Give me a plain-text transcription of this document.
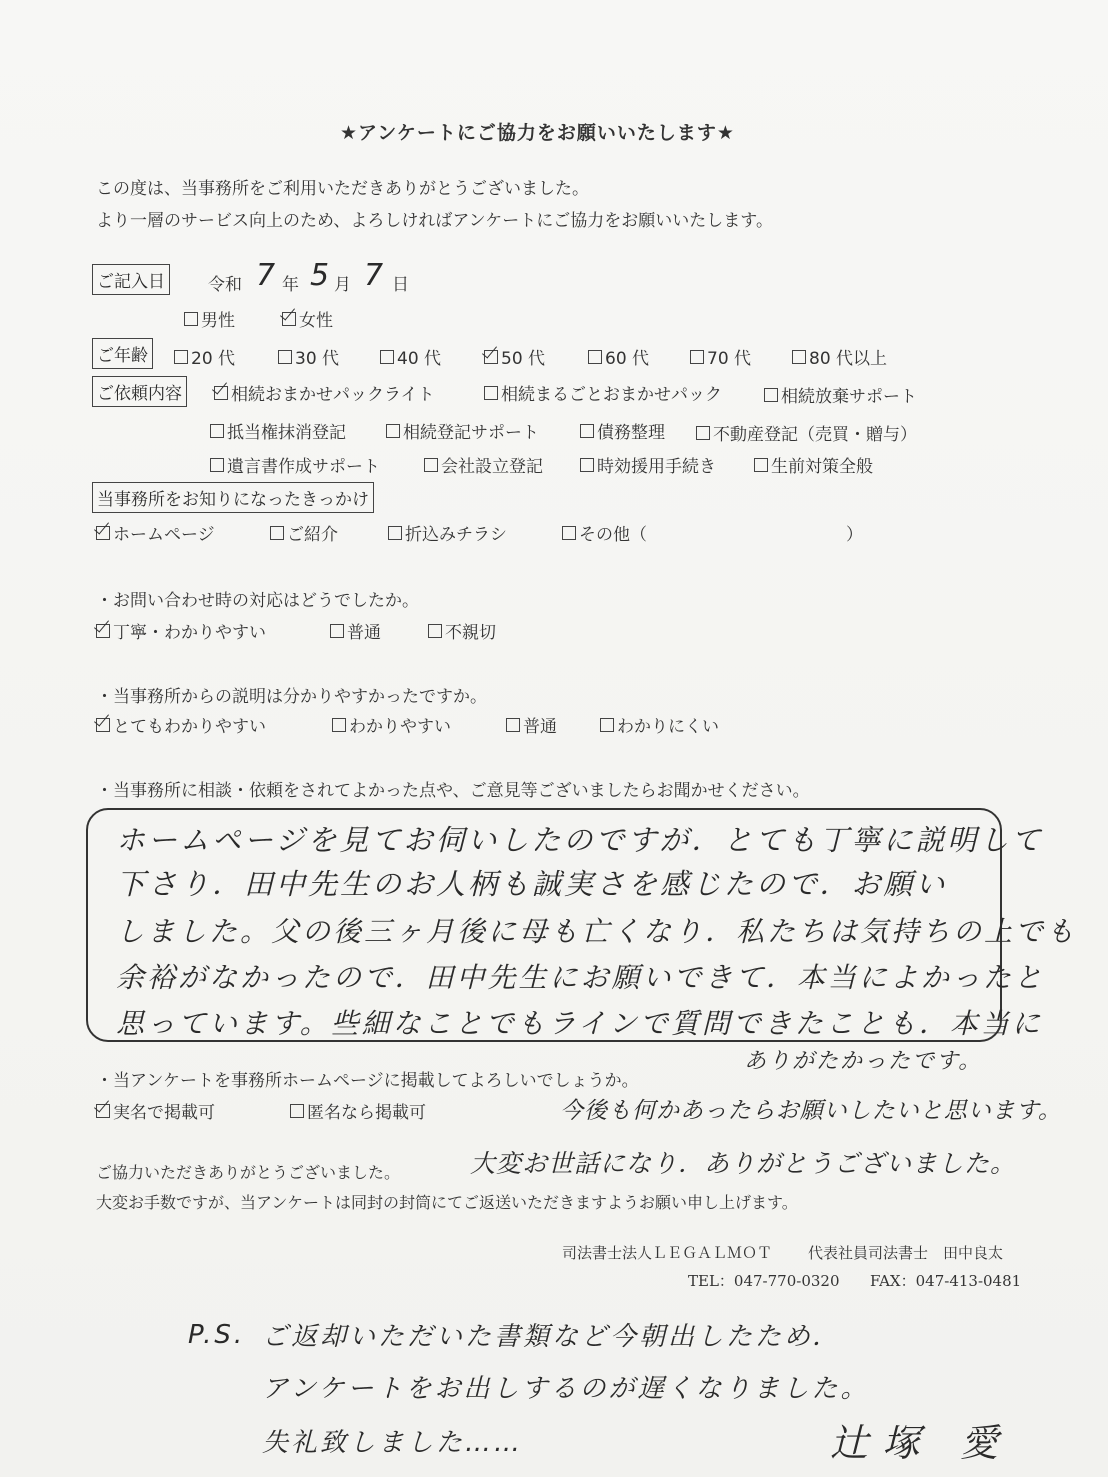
★アンケートにご協力をお願いいたします★
この度は、当事務所をご利用いただきありがとうございました。
より一層のサービス向上のため、よろしければアンケートにご協力をお願いいたします。
ご記入日	令和 7 年 5 月 7 日
男性	女性
ご年齢	20 代	30 代	40 代	50 代	60 代	70 代	80 代以上
ご依頼内容	相続おまかせパックライト	相続まるごとおまかせパック	相続放棄サポート
抵当権抹消登記	相続登記サポート	債務整理	不動産登記（売買・贈与）
遺言書作成サポート	会社設立登記	時効援用手続き	生前対策全般
当事務所をお知りになったきっかけ
ホームページ	ご紹介	折込みチラシ	その他（	）
・お問い合わせ時の対応はどうでしたか。
丁寧・わかりやすい	普通	不親切
・当事務所からの説明は分かりやすかったですか。
とてもわかりやすい	わかりやすい	普通	わかりにくい
・当事務所に相談・依頼をされてよかった点や、ご意見等ございましたらお聞かせください。
ホームページを見てお伺いしたのですが．とても丁寧に説明して
下さり．田中先生のお人柄も誠実さを感じたので．お願い
しました。父の後三ヶ月後に母も亡くなり．私たちは気持ちの上でも
余裕がなかったので．田中先生にお願いできて．本当によかったと
思っています。些細なことでもラインで質問できたことも．本当に
ありがたかったです。
今後も何かあったらお願いしたいと思います。
大変お世話になり．ありがとうございました。
・当アンケートを事務所ホームページに掲載してよろしいでしょうか。
実名で掲載可	匿名なら掲載可
ご協力いただきありがとうございました。
大変お手数ですが、当アンケートは同封の封筒にてご返送いただきますようお願い申し上げます。
司法書士法人ＬＥＧＡＬＭＯＴ 代表社員司法書士　田中良太
TEL：047-770-0320 FAX：047-413-0481
P.S. ご返却いただいた書類など今朝出したため．
アンケートをお出しするのが遅くなりました。
失礼致しました……	辻塚 愛
